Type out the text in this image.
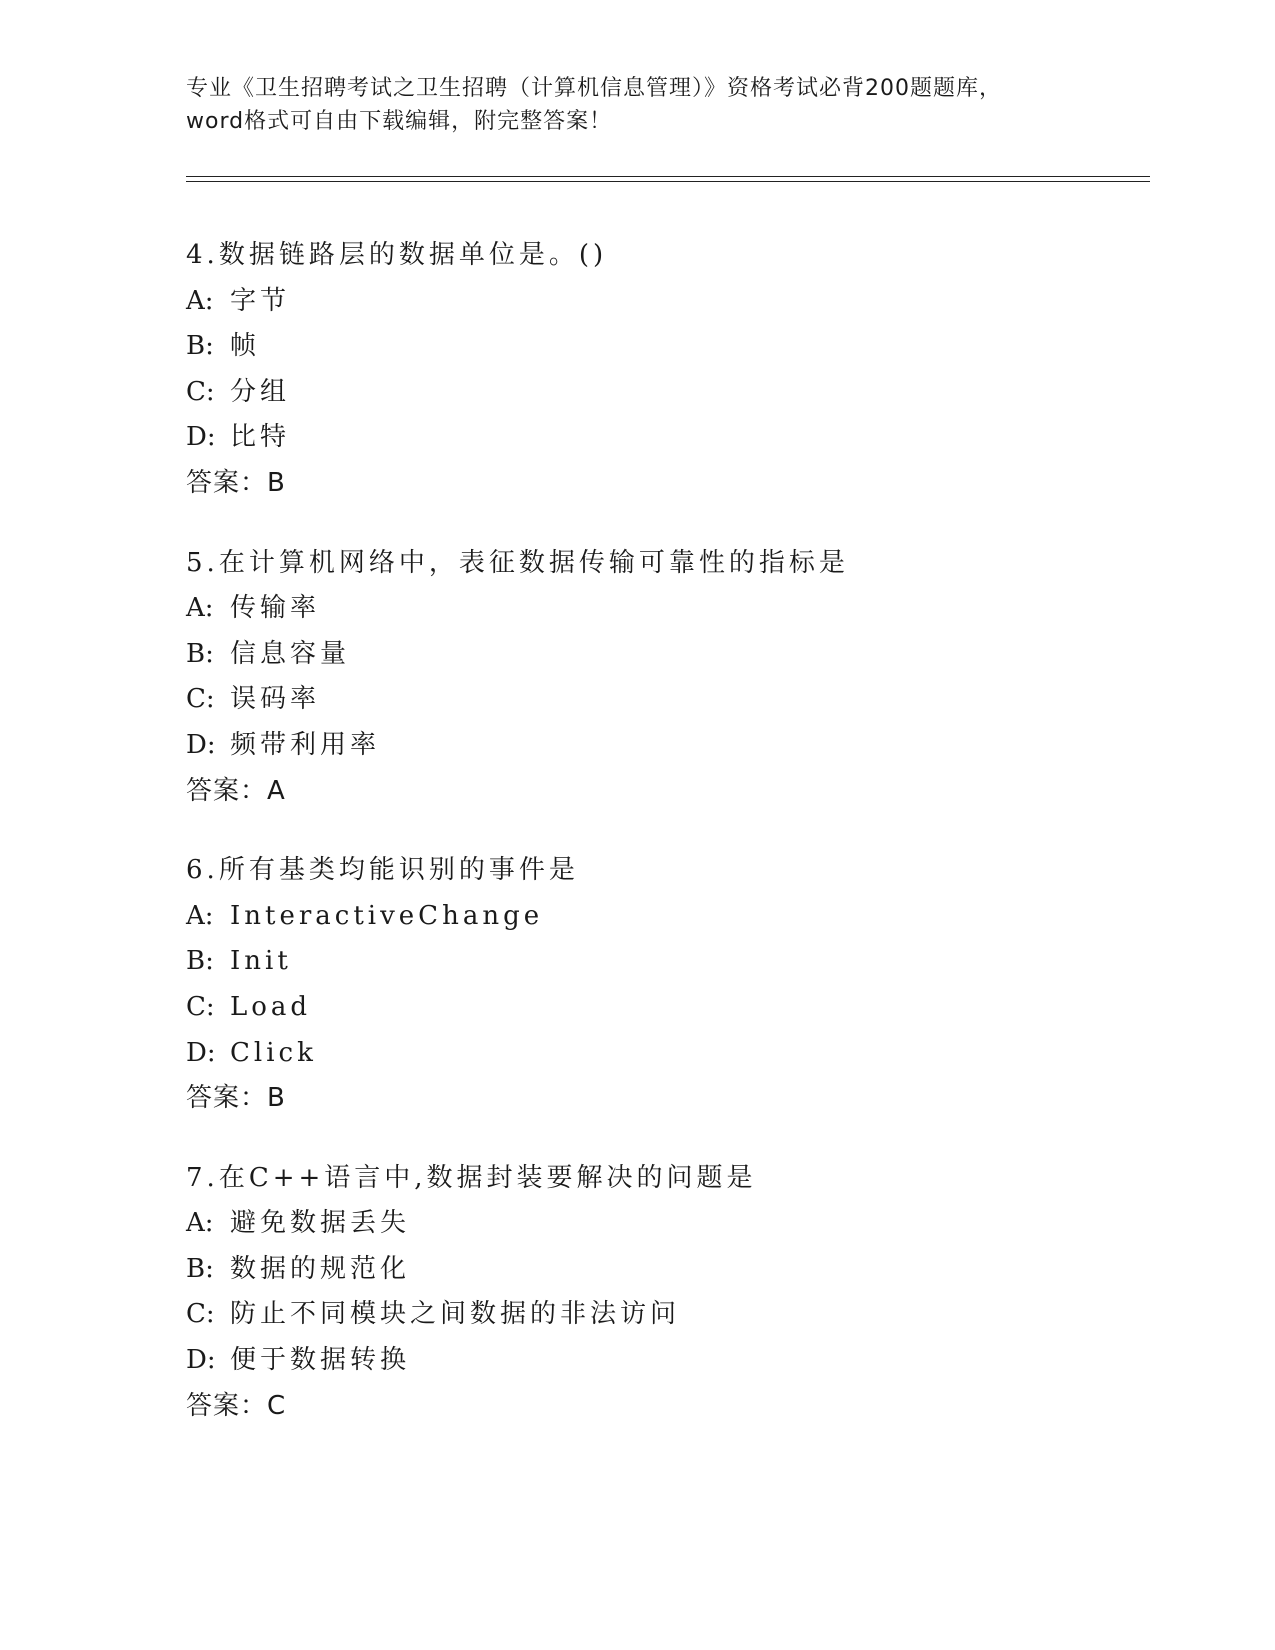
专业《卫生招聘考试之卫生招聘（计算机信息管理）》资格考试必背200题题库，
word格式可自由下载编辑，附完整答案！
4.数据链路层的数据单位是。()
A: 字节
B: 帧
C: 分组
D: 比特
答案：B
5.在计算机网络中，表征数据传输可靠性的指标是
A: 传输率
B: 信息容量
C: 误码率
D: 频带利用率
答案：A
6.所有基类均能识别的事件是
A: InteractiveChange
B: Init
C: Load
D: Click
答案：B
7.在C++语言中,数据封装要解决的问题是
A: 避免数据丢失
B: 数据的规范化
C: 防止不同模块之间数据的非法访问
D: 便于数据转换
答案：C
